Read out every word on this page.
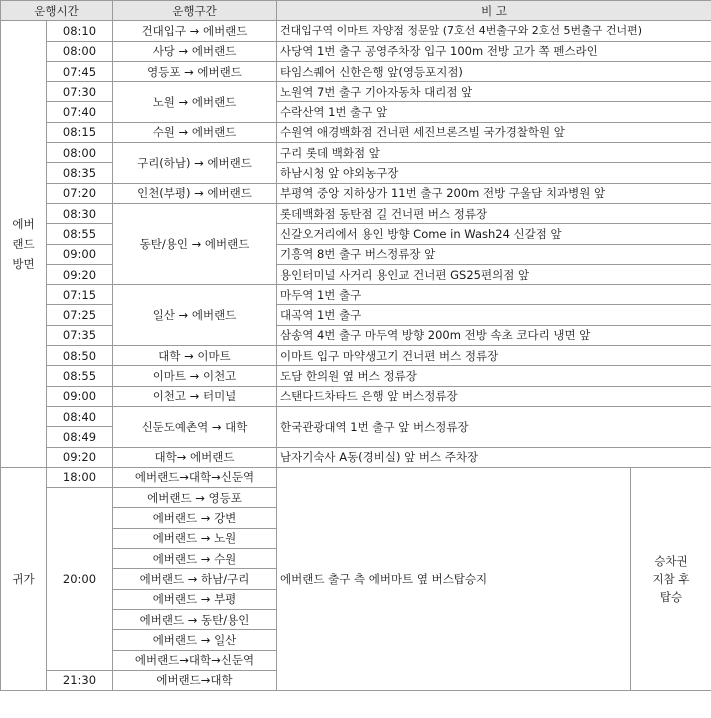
운행시간		운행구간	비 고	
에버
랜드
방면	08:10	건대입구 → 에버랜드	건대입구역 이마트 자양점 정문앞 (7호선 4번출구와 2호선 5번출구 건너편)	
	08:00	사당 → 에버랜드	사당역 1번 출구 공영주차장 입구 100m 전방 고가 쪽 펜스라인	
	07:45	영등포 → 에버랜드	타임스퀘어 신한은행 앞(영등포지점)	
	07:30	노원 → 에버랜드	노원역 7번 출구 기아자동차 대리점 앞	
	07:40		수락산역 1번 출구 앞	
	08:15	수원 → 에버랜드	수원역 애경백화점 건너편 세진브론즈빌 국가경찰학원 앞	
	08:00	구리(하남) → 에버랜드	구리 롯데 백화점 앞	
	08:35		하남시청 앞 야외농구장	
	07:20	인천(부평) → 에버랜드	부평역 중앙 지하상가 11번 출구 200m 전방 구울담 치과병원 앞	
	08:30	동탄/용인 → 에버랜드	롯데백화점 동탄점 길 건너편 버스 정류장	
	08:55		신갈오거리에서 용인 방향 Come in Wash24 신갈점 앞	
	09:00		기흥역 8번 출구 버스정류장 앞	
	09:20		용인터미널 사거리 용인교 건너편 GS25편의점 앞	
	07:15	일산 → 에버랜드	마두역 1번 출구	
	07:25		대곡역 1번 출구	
	07:35		삼송역 4번 출구 마두역 방향 200m 전방 속초 코다리 냉면 앞	
	08:50	대학 → 이마트	이마트 입구 마약생고기 건너편 버스 정류장	
	08:55	이마트 → 이천고	도담 한의원 옆 버스 정류장	
	09:00	이천고 → 터미널	스탠다드차타드 은행 앞 버스정류장	
	08:40	신둔도예촌역 → 대학	한국관광대역 1번 출구 앞 버스정류장	
	08:49			
	09:20	대학→ 에버랜드	남자기숙사 A동(경비실) 앞 버스 주차장	
귀가	18:00	에버랜드→대학→신둔역	에버랜드 출구 측 에버마트 옆 버스탑승지	승차권
지참 후
탑승
	20:00	에버랜드 → 영등포		
		에버랜드 → 강변		
		에버랜드 → 노원		
		에버랜드 → 수원		
		에버랜드 → 하남/구리		
		에버랜드 → 부평		
		에버랜드 → 동탄/용인		
		에버랜드 → 일산		
		에버랜드→대학→신둔역		
	21:30	에버랜드→대학		
